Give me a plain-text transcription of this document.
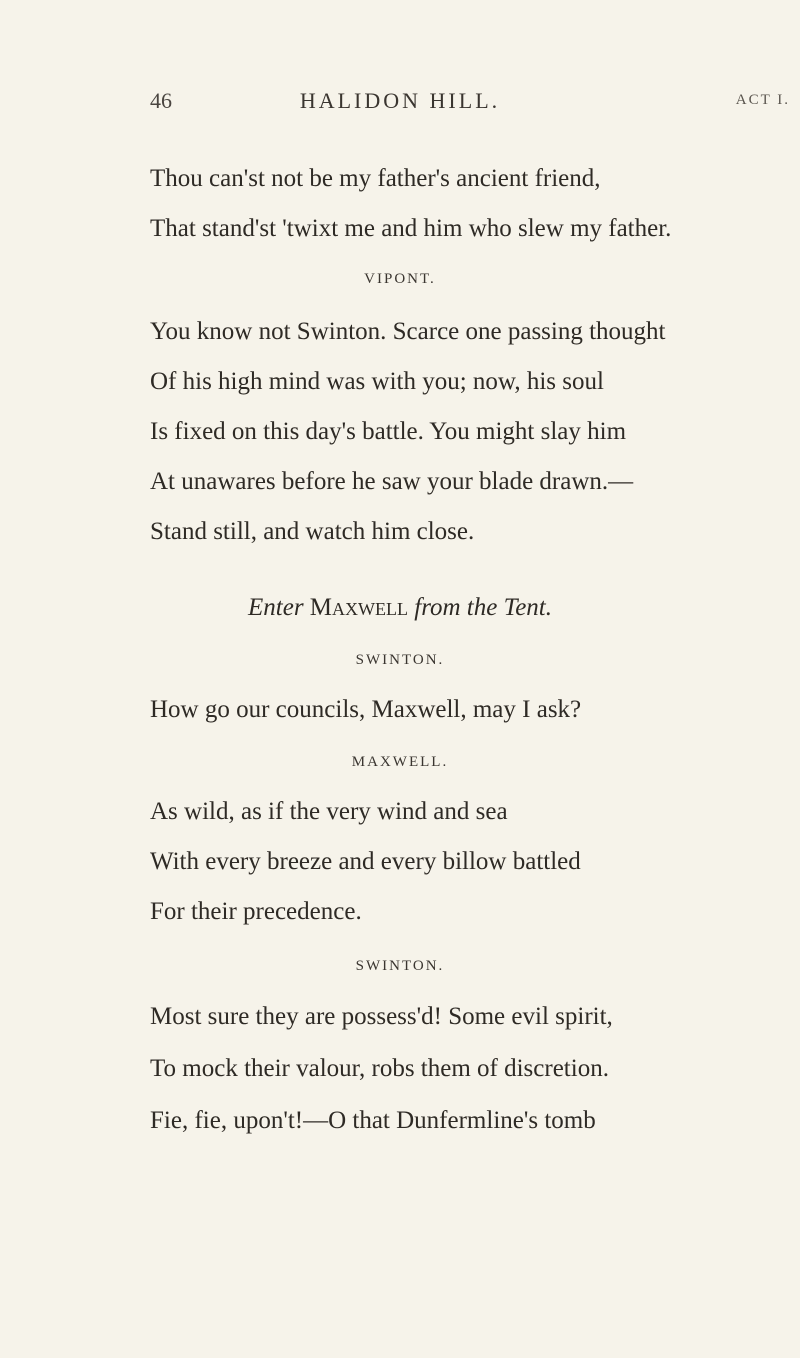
46	HALIDON HILL.	ACT I.
Thou can'st not be my father's ancient friend,
That stand'st 'twixt me and him who slew my father.
VIPONT.
You know not Swinton. Scarce one passing thought
Of his high mind was with you; now, his soul
Is fixed on this day's battle. You might slay him
At unawares before he saw your blade drawn.—
Stand still, and watch him close.
Enter Maxwell from the Tent.
SWINTON.
How go our councils, Maxwell, may I ask?
MAXWELL.
As wild, as if the very wind and sea
With every breeze and every billow battled
For their precedence.
SWINTON.
Most sure they are possess'd! Some evil spirit,
To mock their valour, robs them of discretion.
Fie, fie, upon't!—O that Dunfermline's tomb
